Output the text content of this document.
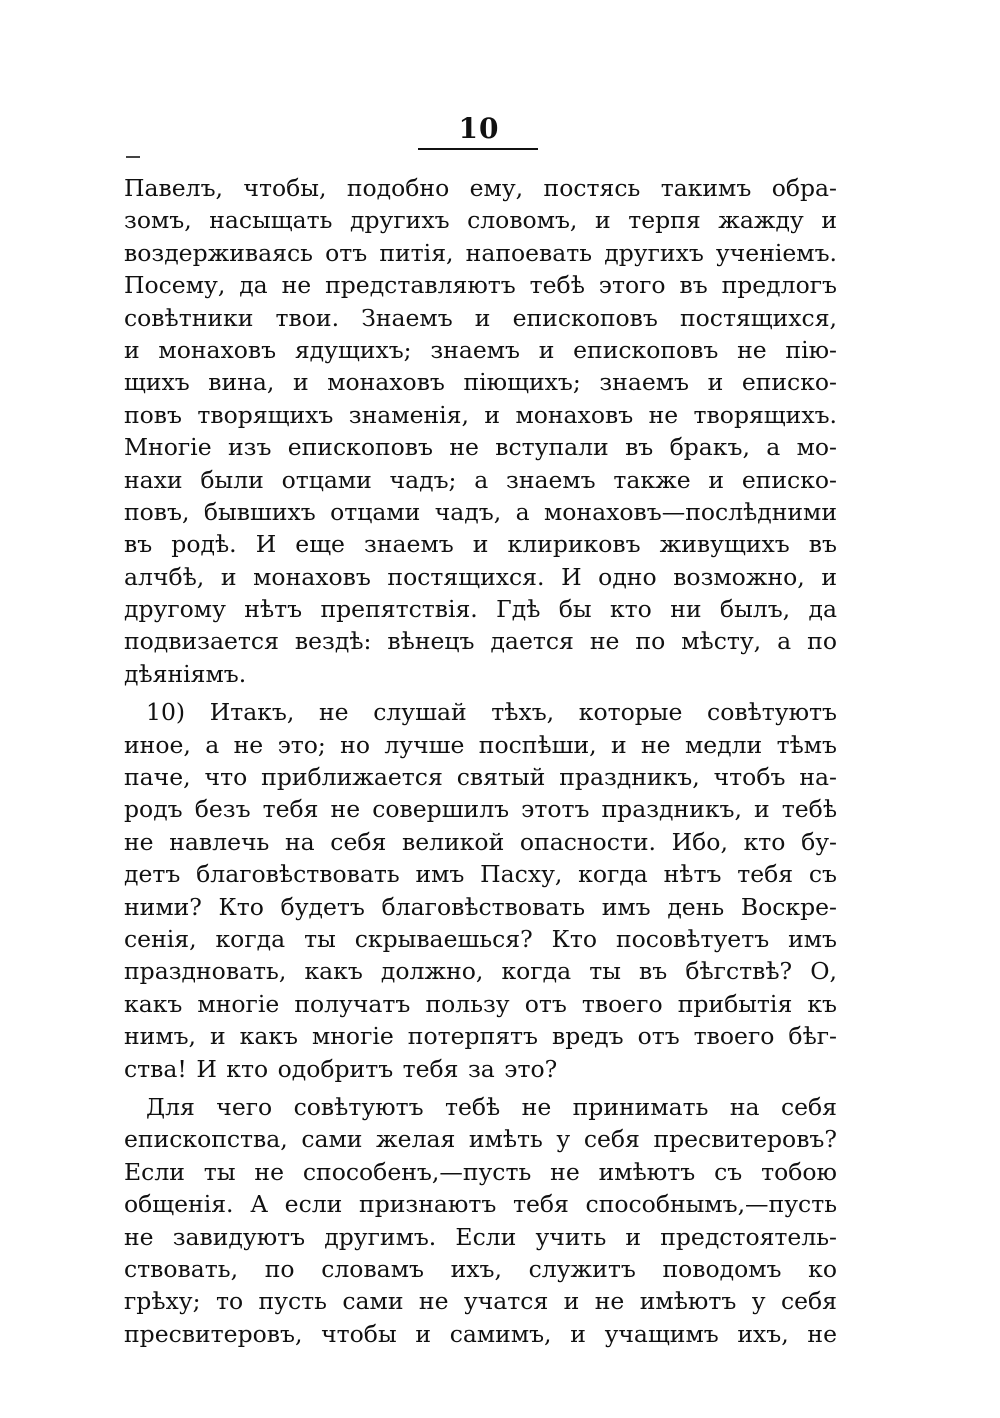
10
Павелъ, чтобы, подобно ему, постясь такимъ обра-
зомъ, насыщать другихъ словомъ, и терпя жажду и
воздерживаясь отъ питія, напоевать другихъ ученіемъ.
Посему, да не представляютъ тебѣ этого въ предлогъ
совѣтники твои. Знаемъ и епископовъ постящихся,
и монаховъ ядущихъ; знаемъ и епископовъ не пію-
щихъ вина, и монаховъ піющихъ; знаемъ и еписко-
повъ творящихъ знаменія, и монаховъ не творящихъ.
Многіе изъ епископовъ не вступали въ бракъ, а мо-
нахи были отцами чадъ; а знаемъ также и еписко-
повъ, бывшихъ отцами чадъ, а монаховъ—послѣдними
въ родѣ. И еще знаемъ и клириковъ живущихъ въ
алчбѣ, и монаховъ постящихся. И одно возможно, и
другому нѣтъ препятствія. Гдѣ бы кто ни былъ, да
подвизается вездѣ: вѣнецъ дается не по мѣсту, а по
дѣяніямъ.
10) Итакъ, не слушай тѣхъ, которые совѣтуютъ
иное, а не это; но лучше поспѣши, и не медли тѣмъ
паче, что приближается святый праздникъ, чтобъ на-
родъ безъ тебя не совершилъ этотъ праздникъ, и тебѣ
не навлечь на себя великой опасности. Ибо, кто бу-
детъ благовѣствовать имъ Пасху, когда нѣтъ тебя съ
ними? Кто будетъ благовѣствовать имъ день Воскре-
сенія, когда ты скрываешься? Кто посовѣтуетъ имъ
праздновать, какъ должно, когда ты въ бѣгствѣ? О,
какъ многіе получатъ пользу отъ твоего прибытія къ
нимъ, и какъ многіе потерпятъ вредъ отъ твоего бѣг-
ства! И кто одобритъ тебя за это?
Для чего совѣтуютъ тебѣ не принимать на себя
епископства, сами желая имѣть у себя пресвитеровъ?
Если ты не способенъ,—пусть не имѣютъ съ тобою
общенія. А если признаютъ тебя способнымъ,—пусть
не завидуютъ другимъ. Если учить и предстоятель-
ствовать, по словамъ ихъ, служитъ поводомъ ко
грѣху; то пусть сами не учатся и не имѣютъ у себя
пресвитеровъ, чтобы и самимъ, и учащимъ ихъ, не
